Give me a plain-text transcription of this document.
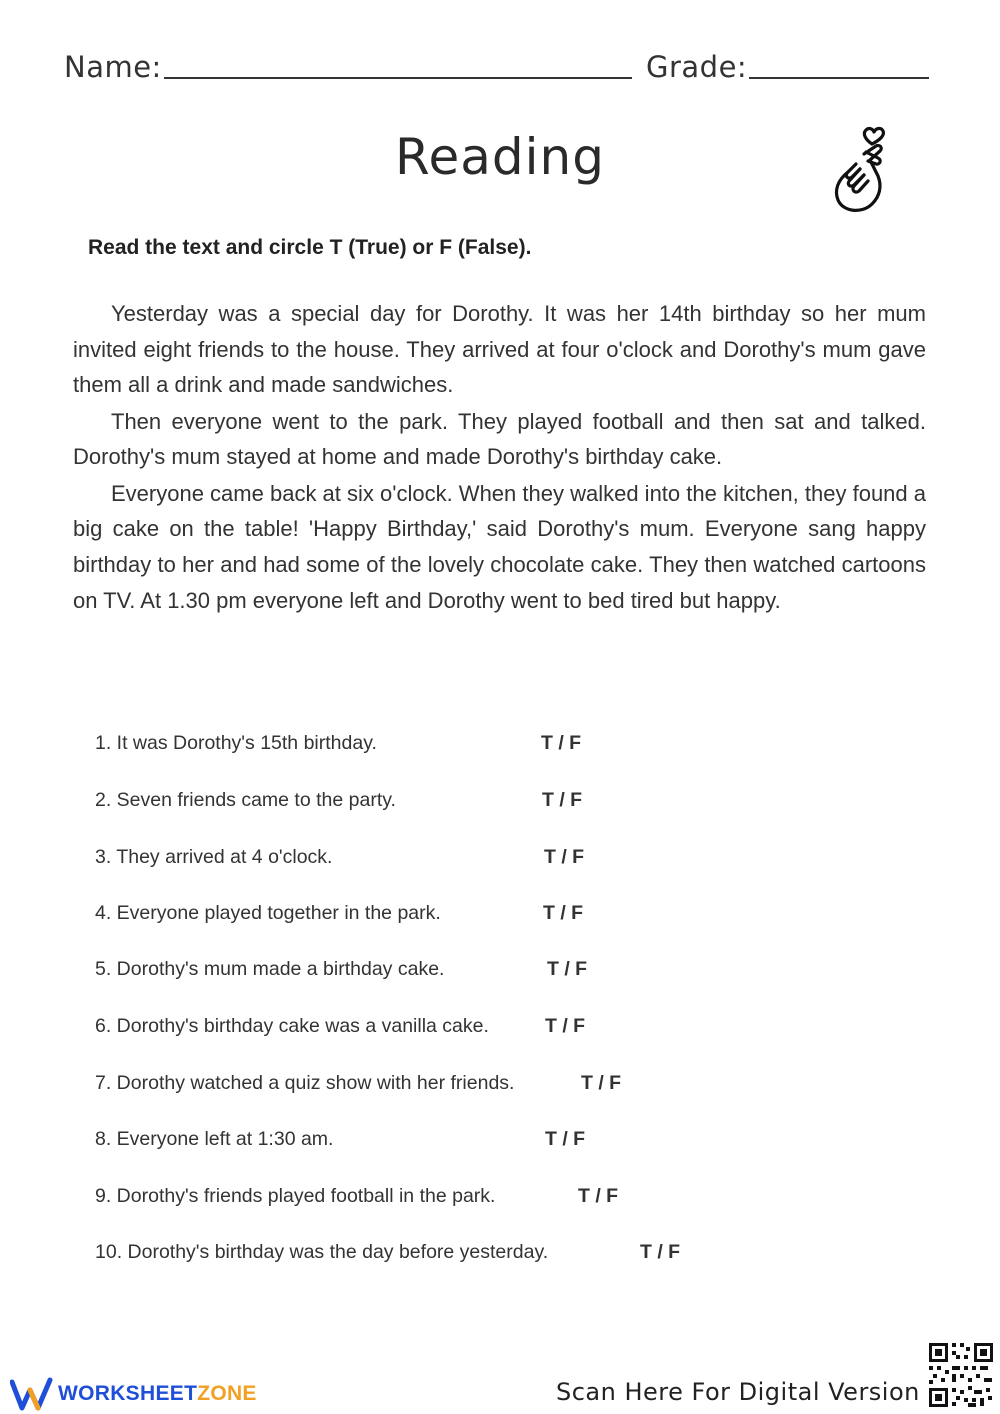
Name:	Grade:
Reading
Read the text and circle T (True) or F (False).

Yesterday was a special day for Dorothy. It was her 14th birthday so her mum invited eight friends to the house. They arrived at four o'clock and Dorothy's mum gave them all a drink and made sandwiches.

Then everyone went to the park. They played football and then sat and talked. Dorothy's mum stayed at home and made Dorothy's birthday cake.

Everyone came back at six o'clock. When they walked into the kitchen, they found a big cake on the table! 'Happy Birthday,' said Dorothy's mum. Everyone sang happy birthday to her and had some of the lovely chocolate cake. They then watched cartoons on TV. At 1.30 pm everyone left and Dorothy went to bed tired but happy.

1. It was Dorothy's 15th birthday.	T / F
2. Seven friends came to the party.	T / F
3. They arrived at 4 o'clock.	T / F
4. Everyone played together in the park.	T / F
5. Dorothy's mum made a birthday cake.	T / F
6. Dorothy's birthday cake was a vanilla cake.	T / F
7. Dorothy watched a quiz show with her friends.	T / F
8. Everyone left at 1:30 am.	T / F
9. Dorothy's friends played football in the park.	T / F
10. Dorothy's birthday was the day before yesterday.	T / F
WORKSHEETZONE	Scan Here For Digital Version
